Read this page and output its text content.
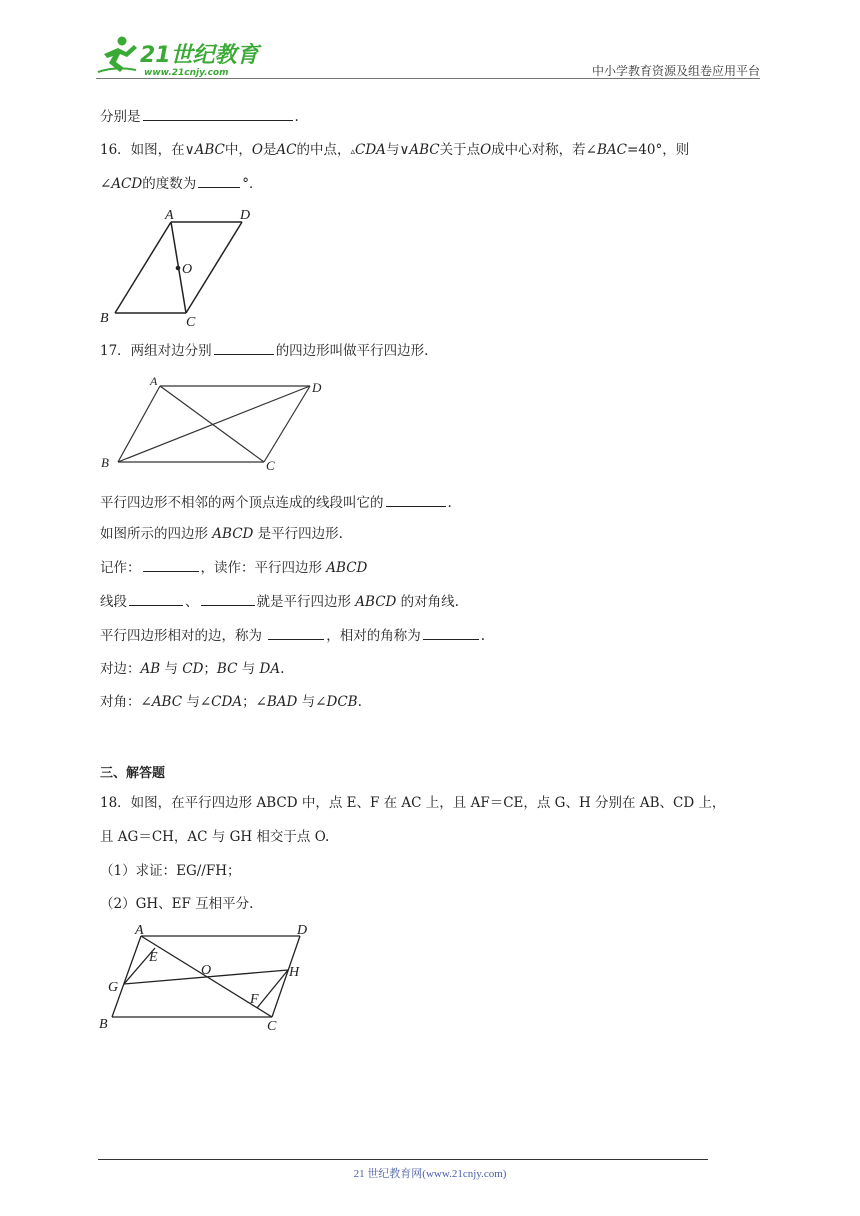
21世纪教育
www.21cnjy.com	中小学教育资源及组卷应用平台
分别是	.
16．如图，在∨ABC中，O是AC的中点，▵CDA与∨ABC关于点O成中心对称，若∠BAC=40°，则
∠ACD的度数为	°．
A	D
O
B	C
17．两组对边分别	的四边形叫做平行四边形.
A	D
B	C
平行四边形不相邻的两个顶点连成的线段叫它的	.
如图所示的四边形 ABCD 是平行四边形.
记作：	，读作：平行四边形 ABCD
线段	、	就是平行四边形 ABCD 的对角线.
平行四边形相对的边，称为	，相对的角称为	.
对边：AB 与 CD；BC 与 DA.
对角：∠ABC 与∠CDA；∠BAD 与∠DCB.
三、解答题
18．如图，在平行四边形 ABCD 中，点 E、F 在 AC 上，且 AF＝CE，点 G、H 分别在 AB、CD 上，
且 AG＝CH，AC 与 GH 相交于点 O.
（1）求证：EG//FH；
（2）GH、EF 互相平分.
A	D
E
O	H
G
F
B	C
21 世纪教育网(www.21cnjy.com)
